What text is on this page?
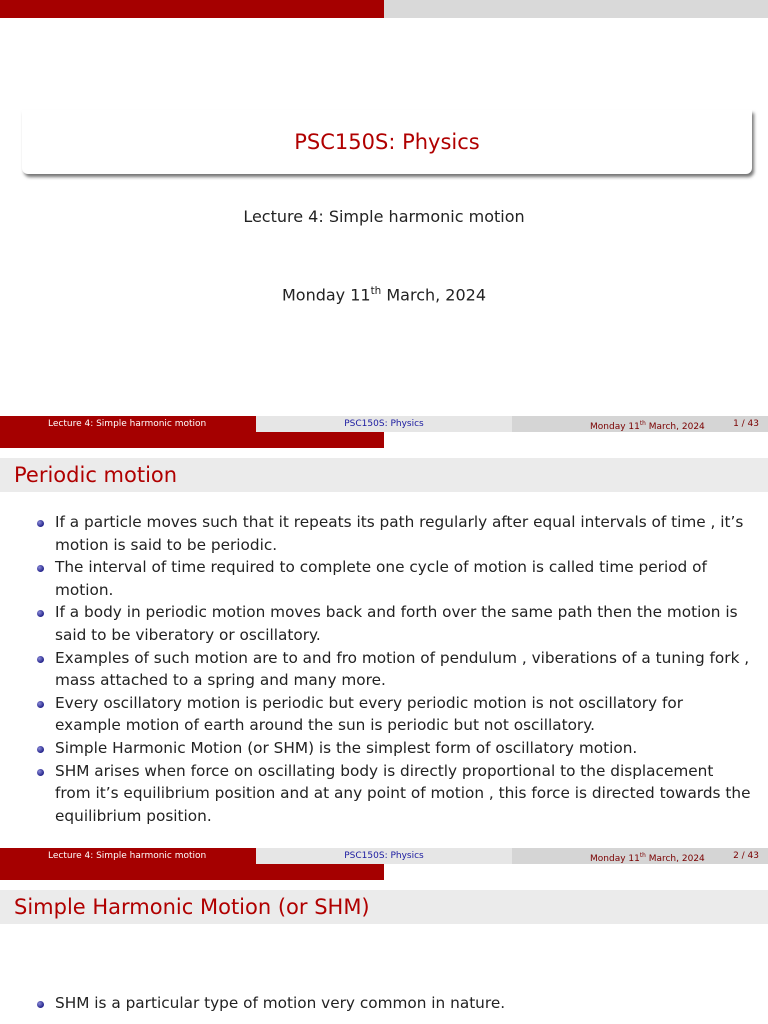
PSC150S: Physics
Lecture 4: Simple harmonic motion
Monday 11th March, 2024
Lecture 4: Simple harmonic motion	PSC150S: Physics	Monday 11th March, 2024	1 / 43
Periodic motion
If a particle moves such that it repeats its path regularly after equal intervals of time , it’s motion is said to be periodic.
The interval of time required to complete one cycle of motion is called time period of motion.
If a body in periodic motion moves back and forth over the same path then the motion is said to be viberatory or oscillatory.
Examples of such motion are to and fro motion of pendulum , viberations of a tuning fork , mass attached to a spring and many more.
Every oscillatory motion is periodic but every periodic motion is not oscillatory for example motion of earth around the sun is periodic but not oscillatory.
Simple Harmonic Motion (or SHM) is the simplest form of oscillatory motion.
SHM arises when force on oscillating body is directly proportional to the displacement from it’s equilibrium position and at any point of motion , this force is directed towards the equilibrium position.
Lecture 4: Simple harmonic motion	PSC150S: Physics	Monday 11th March, 2024	2 / 43
Simple Harmonic Motion (or SHM)
SHM is a particular type of motion very common in nature.
